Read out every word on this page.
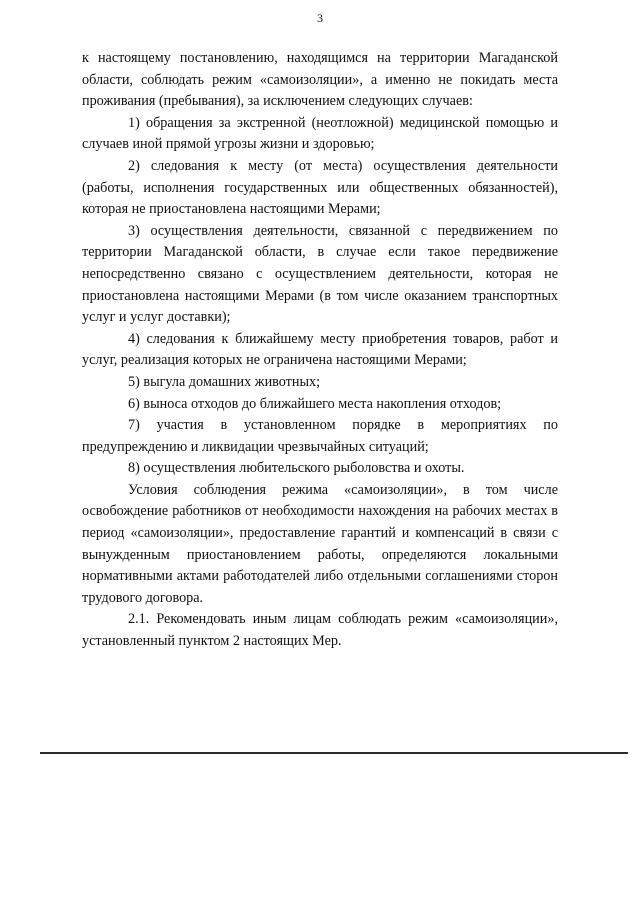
3

к настоящему постановлению, находящимся на территории Магаданской области, соблюдать режим «самоизоляции», а именно не покидать места проживания (пребывания), за исключением следующих случаев:

1) обращения за экстренной (неотложной) медицинской помощью и случаев иной прямой угрозы жизни и здоровью;

2) следования к месту (от места) осуществления деятельности (работы, исполнения государственных или общественных обязанностей), которая не приостановлена настоящими Мерами;

3) осуществления деятельности, связанной с передвижением по территории Магаданской области, в случае если такое передвижение непосредственно связано с осуществлением деятельности, которая не приостановлена настоящими Мерами (в том числе оказанием транспортных услуг и услуг доставки);

4) следования к ближайшему месту приобретения товаров, работ и услуг, реализация которых не ограничена настоящими Мерами;

5) выгула домашних животных;

6) выноса отходов до ближайшего места накопления отходов;

7) участия в установленном порядке в мероприятиях по предупреждению и ликвидации чрезвычайных ситуаций;

8) осуществления любительского рыболовства и охоты.

Условия соблюдения режима «самоизоляции», в том числе освобождение работников от необходимости нахождения на рабочих местах в период «самоизоляции», предоставление гарантий и компенсаций в связи с вынужденным приостановлением работы, определяются локальными нормативными актами работодателей либо отдельными соглашениями сторон трудового договора.

2.1. Рекомендовать иным лицам соблюдать режим «самоизоляции», установленный пунктом 2 настоящих Мер.
